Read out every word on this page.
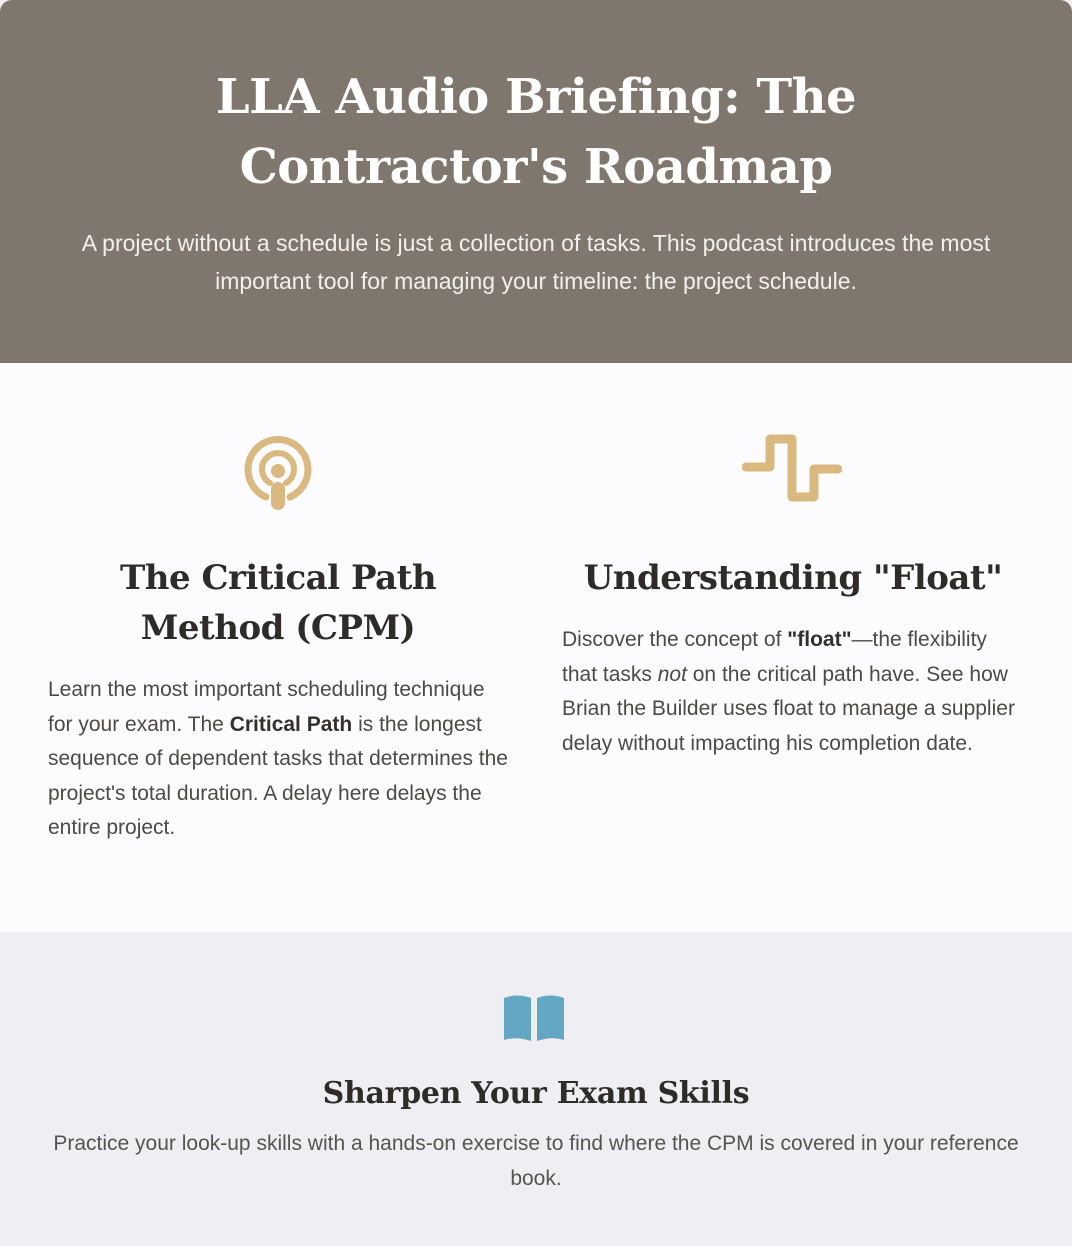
LLA Audio Briefing: The Contractor's Roadmap

A project without a schedule is just a collection of tasks. This podcast introduces the most important tool for managing your timeline: the project schedule.

The Critical Path Method (CPM)

Learn the most important scheduling technique for your exam. The Critical Path is the longest sequence of dependent tasks that determines the project's total duration. A delay here delays the entire project.

Understanding "Float"

Discover the concept of "float"—the flexibility that tasks not on the critical path have. See how Brian the Builder uses float to manage a supplier delay without impacting his completion date.

Sharpen Your Exam Skills

Practice your look-up skills with a hands-on exercise to find where the CPM is covered in your reference book.
